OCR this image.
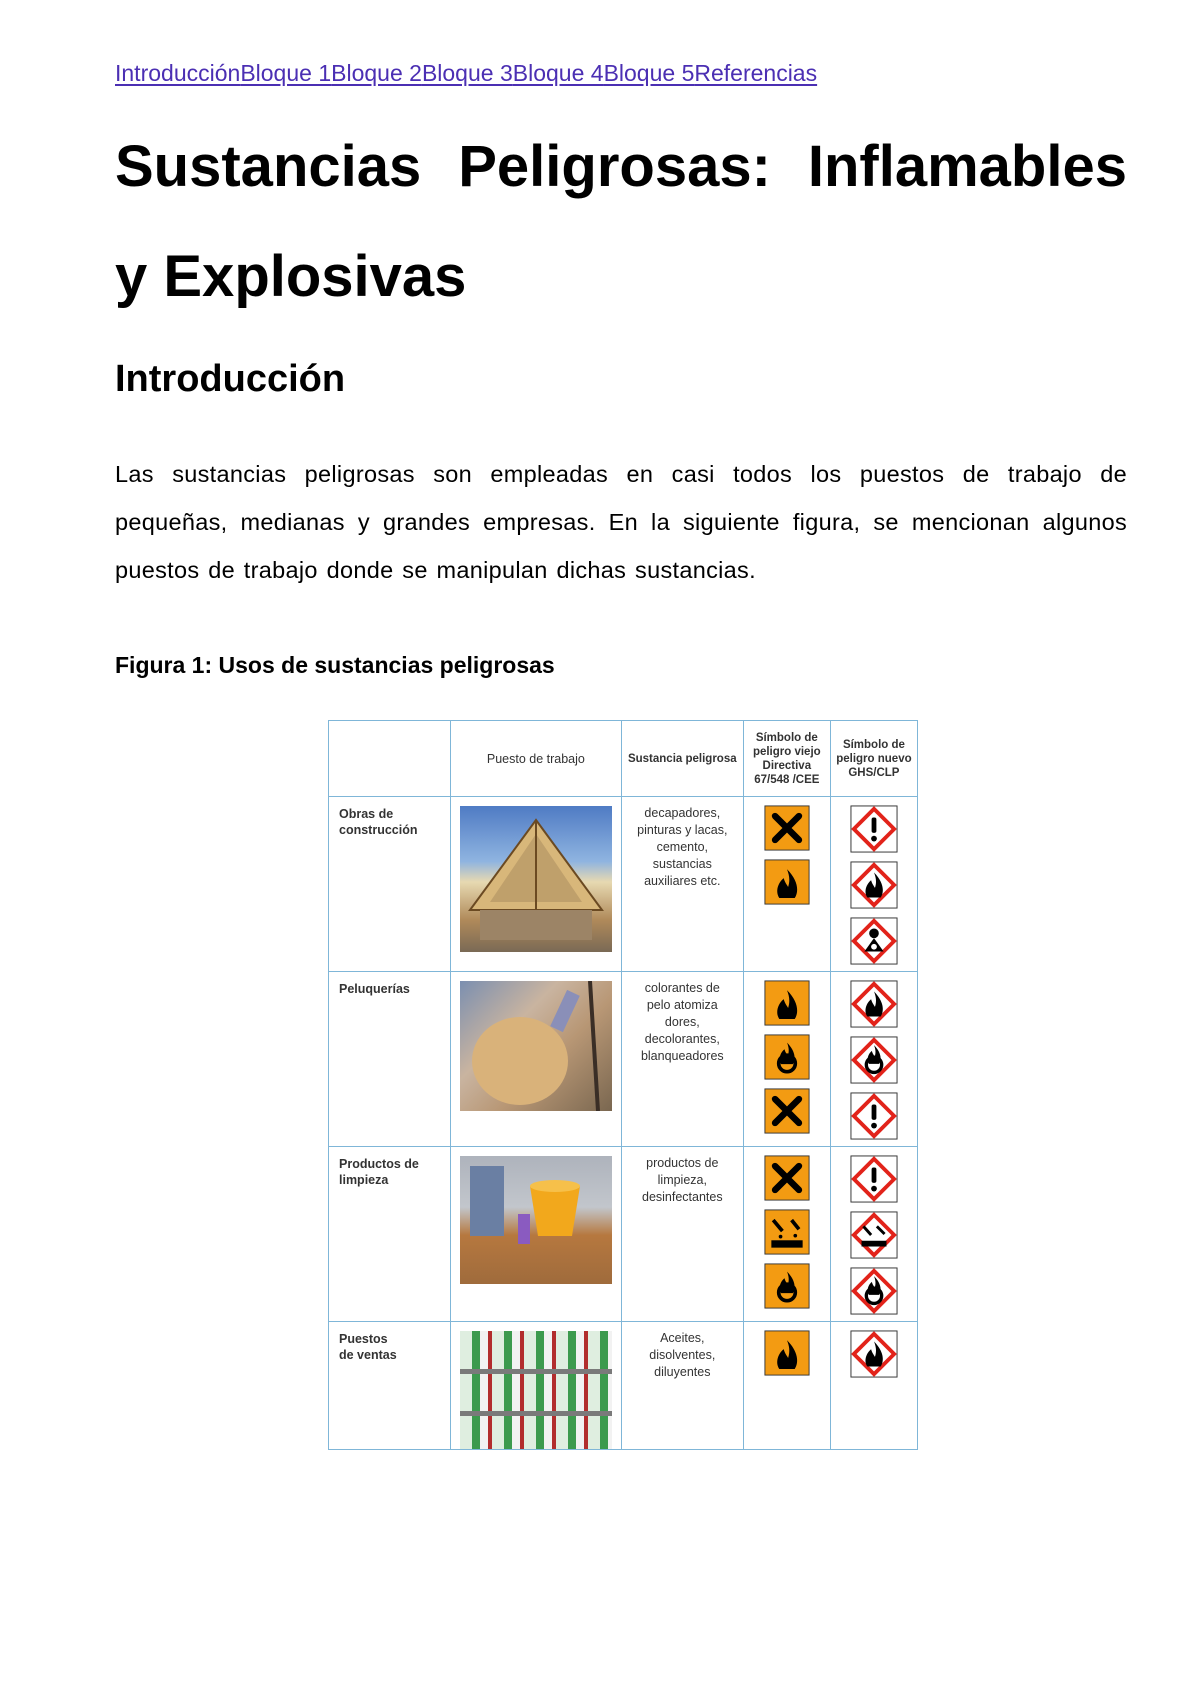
IntroducciónBloque 1Bloque 2Bloque 3Bloque 4Bloque 5Referencias
Sustancias Peligrosas: Inflamables y Explosivas
Introducción

Las sustancias peligrosas son empleadas en casi todos los puestos de trabajo de pequeñas, medianas y grandes empresas. En la siguiente figura, se mencionan algunos puestos de trabajo donde se manipulan dichas sustancias.

Figura 1: Usos de sustancias peligrosas

	Puesto de trabajo	Sustancia peligrosa	Símbolo de peligro viejo Directiva 67/548 /CEE	Símbolo de peligro nuevo GHS/CLP
Obras de
construcción		decapadores,
pinturas y lacas,
cemento,
sustancias
auxiliares etc.	

Peluquerías		colorantes de
pelo atomiza
dores,
decolorantes,
blanqueadores	

Productos de
limpieza		productos de
limpieza,
desinfectantes	

Puestos
de ventas		Aceites,
disolventes,
diluyentes	
